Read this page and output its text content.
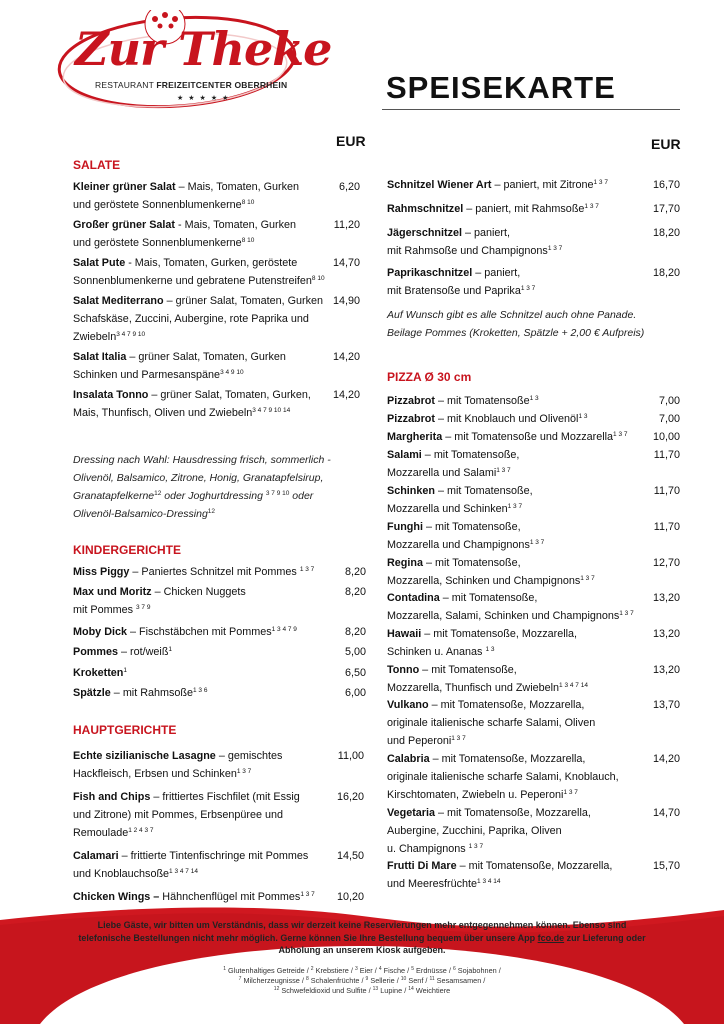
Zur Theke
RESTAURANT FREIZEITCENTER OBERRHEIN
★★★★★	SPEISEKARTE
EUR	EUR
SALATE
Kleiner grüner Salat – Mais, Tomaten, Gurken
und geröstete Sonnenblumenkerne$^{8 10}$
6,20
Großer grüner Salat - Mais, Tomaten, Gurken
und geröstete Sonnenblumenkerne$^{8 10}$
11,20
Salat Pute - Mais, Tomaten, Gurken, geröstete
Sonnenblumenkerne und gebratene Putenstreifen$^{8 10}$
14,70
Salat Mediterrano – grüner Salat, Tomaten, Gurken
Schafskäse, Zuccini, Aubergine, rote Paprika und
Zwiebeln$^{3 4 7 9 10}$
14,90
Salat Italia – grüner Salat, Tomaten, Gurken
Schinken und Parmesanspäne$^{3 4 9 10}$
14,20
Insalata Tonno – grüner Salat, Tomaten, Gurken,
Mais, Thunfisch, Oliven und Zwiebeln$^{3 4 7 9 10 14}$
14,20
Dressing nach Wahl: Hausdressing frisch, sommerlich -
Olivenöl, Balsamico, Zitrone, Honig, Granatapfelsirup,
Granatapfelkerne$^{12}$ oder Joghurtdressing $^{3 7 9 10}$ oder
Olivenöl-Balsamico-Dressing$^{12}$
KINDERGERICHTE
Miss Piggy – Paniertes Schnitzel mit Pommes $^{1 3 7}$	8,20
Max und Moritz – Chicken Nuggets
mit Pommes $^{3 7 9}$
8,20
Moby Dick – Fischstäbchen mit Pommes$^{1 3 4 7 9}$	8,20
Pommes – rot/weiß$^1$	5,00
Kroketten$^1$	6,50
Spätzle – mit Rahmsoße$^{1 3 6}$	6,00
HAUPTGERICHTE
Echte sizilianische Lasagne – gemischtes
Hackfleisch, Erbsen und Schinken$^{1 3 7}$
11,00
Fish and Chips – frittiertes Fischfilet (mit Essig
und Zitrone) mit Pommes, Erbsenpüree und
Remoulade$^{1 2 4 3 7}$
16,20
Calamari – frittierte Tintenfischringe mit Pommes
und Knoblauchsoße$^{1 3 4 7 14}$
14,50
Chicken Wings – Hähnchenflügel mit Pommes$^{1 3 7}$	10,20
Schnitzel Wiener Art – paniert, mit Zitrone$^{1 3 7}$	16,70
Rahmschnitzel – paniert, mit Rahmsoße$^{1 3 7}$	17,70
Jägerschnitzel – paniert,
mit Rahmsoße und Champignons$^{1 3 7}$
18,20
Paprikaschnitzel – paniert,
mit Bratensoße und Paprika$^{1 3 7}$
18,20
Auf Wunsch gibt es alle Schnitzel auch ohne Panade.
Beilage Pommes (Kroketten, Spätzle + 2,00 € Aufpreis)
PIZZA Ø 30 cm
Pizzabrot – mit Tomatensoße$^{1 3}$	7,00
Pizzabrot – mit Knoblauch und Olivenöl$^{1 3}$	7,00
Margherita – mit Tomatensoße und Mozzarella$^{1 3 7}$	10,00
Salami – mit Tomatensoße,
Mozzarella und Salami$^{1 3 7}$
11,70
Schinken – mit Tomatensoße,
Mozzarella und Schinken$^{1 3 7}$
11,70
Funghi – mit Tomatensoße,
Mozzarella und Champignons$^{1 3 7}$
11,70
Regina – mit Tomatensoße,
Mozzarella, Schinken und Champignons$^{1 3 7}$
12,70
Contadina – mit Tomatensoße,
Mozzarella, Salami, Schinken und Champignons$^{1 3 7}$
13,20
Hawaii – mit Tomatensoße, Mozzarella,
Schinken u. Ananas $^{1 3}$
13,20
Tonno – mit Tomatensoße,
Mozzarella, Thunfisch und Zwiebeln$^{1 3 4 7 14}$
13,20
Vulkano – mit Tomatensoße, Mozzarella,
originale italienische scharfe Salami, Oliven
und Peperoni$^{1 3 7}$
13,70
Calabria – mit Tomatensoße, Mozzarella,
originale italienische scharfe Salami, Knoblauch,
Kirschtomaten, Zwiebeln u. Peperoni$^{1 3 7}$
14,20
Vegetaria – mit Tomatensoße, Mozzarella,
Aubergine, Zucchini, Paprika, Oliven
u. Champignons $^{1 3 7}$
14,70
Frutti Di Mare – mit Tomatensoße, Mozzarella,
und Meeresfrüchte$^{1 3 4 14}$
15,70
Liebe Gäste, wir bitten um Verständnis, dass wir derzeit keine Reservierungen mehr entgegennehmen können. Ebenso sind
telefonische Bestellungen nicht mehr möglich. Gerne können Sie Ihre Bestellung bequem über unsere App fco.de zur Lieferung oder
Abholung an unserem Kiosk aufgeben.
$^1$ Glutenhaltiges Getreide / $^2$ Krebstiere / $^3$ Eier / $^4$ Fische / $^5$ Erdnüsse / $^6$ Sojabohnen /
$^7$ Milcherzeugnisse / $^8$ Schalenfrüchte / $^9$ Sellerie / $^{10}$ Senf / $^{11}$ Sesamsamen /
$^{12}$ Schwefeldioxid und Sulfite / $^{13}$ Lupine / $^{14}$ Weichtiere
